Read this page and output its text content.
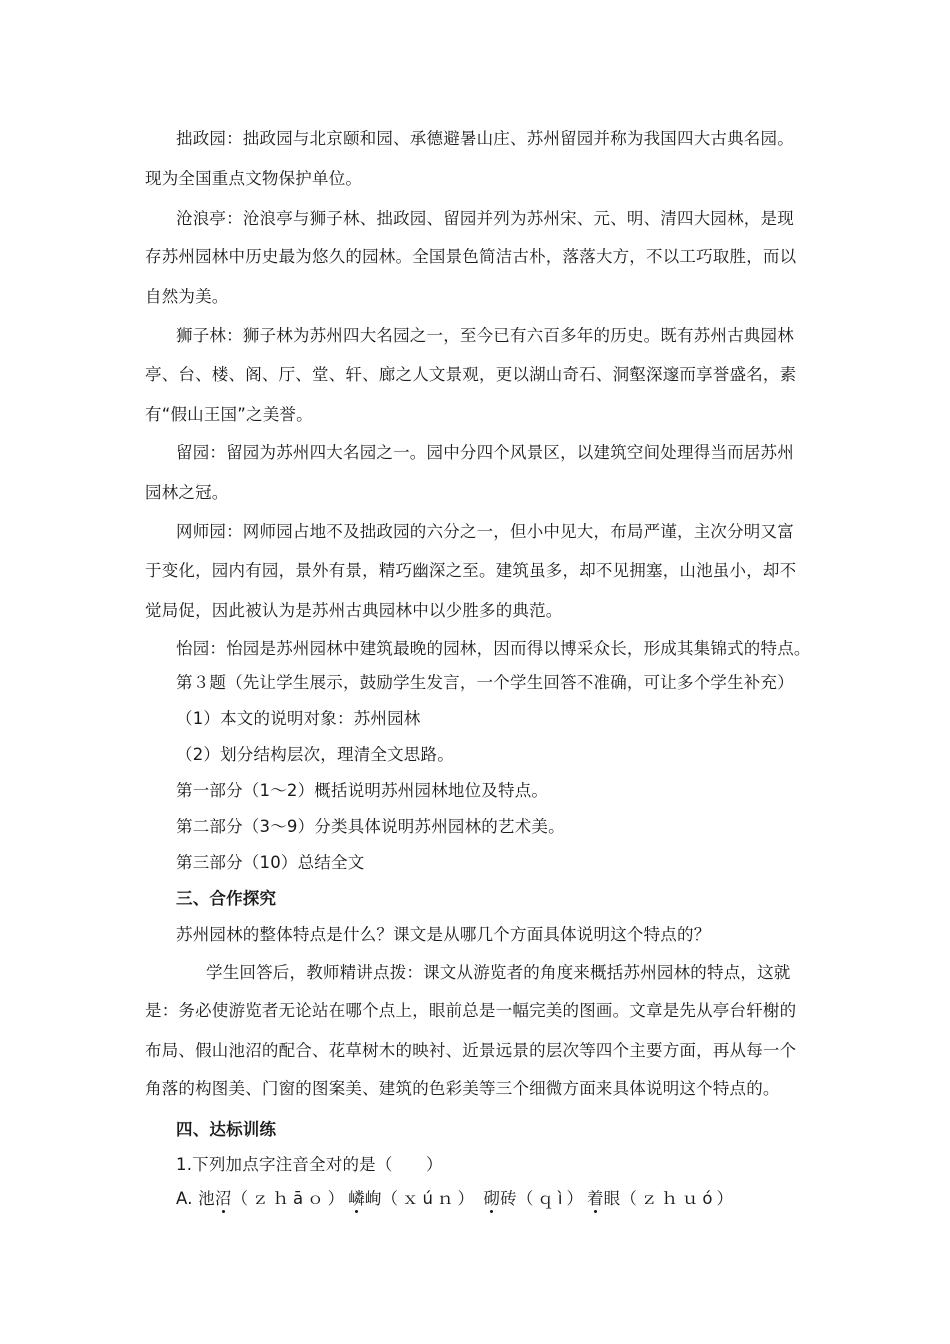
拙政园：拙政园与北京颐和园、承德避暑山庄、苏州留园并称为我国四大古典名园。
现为全国重点文物保护单位。
沧浪亭：沧浪亭与狮子林、拙政园、留园并列为苏州宋、元、明、清四大园林，是现
存苏州园林中历史最为悠久的园林。全国景色简洁古朴，落落大方，不以工巧取胜，而以
自然为美。
狮子林：狮子林为苏州四大名园之一，至今已有六百多年的历史。既有苏州古典园林
亭、台、楼、阁、厅、堂、轩、廊之人文景观，更以湖山奇石、洞壑深邃而享誉盛名，素
有“假山王国”之美誉。
留园：留园为苏州四大名园之一。园中分四个风景区，以建筑空间处理得当而居苏州
园林之冠。
网师园：网师园占地不及拙政园的六分之一，但小中见大，布局严谨，主次分明又富
于变化，园内有园，景外有景，精巧幽深之至。建筑虽多，却不见拥塞，山池虽小，却不
觉局促，因此被认为是苏州古典园林中以少胜多的典范。
怡园：怡园是苏州园林中建筑最晚的园林，因而得以博采众长，形成其集锦式的特点。
第３题（先让学生展示，鼓励学生发言，一个学生回答不准确，可让多个学生补充）
（1）本文的说明对象：苏州园林
（2）划分结构层次，理清全文思路。
第一部分（1～2）概括说明苏州园林地位及特点。
第二部分（3～9）分类具体说明苏州园林的艺术美。
第三部分（10）总结全文
三、合作探究
苏州园林的整体特点是什么？课文是从哪几个方面具体说明这个特点的？
学生回答后，教师精讲点拨：课文从游览者的角度来概括苏州园林的特点，这就
是：务必使游览者无论站在哪个点上，眼前总是一幅完美的图画。文章是先从亭台轩榭的
布局、假山池沼的配合、花草树木的映衬、近景远景的层次等四个主要方面，再从每一个
角落的构图美、门窗的图案美、建筑的色彩美等三个细微方面来具体说明这个特点的。
四、达标训练
1.下列加点字注音全对的是（　　）
A. 池沼（ｚｈāｏ）嶙峋（ｘúｎ） 砌砖（ｑì）着眼（ｚｈｕó）
